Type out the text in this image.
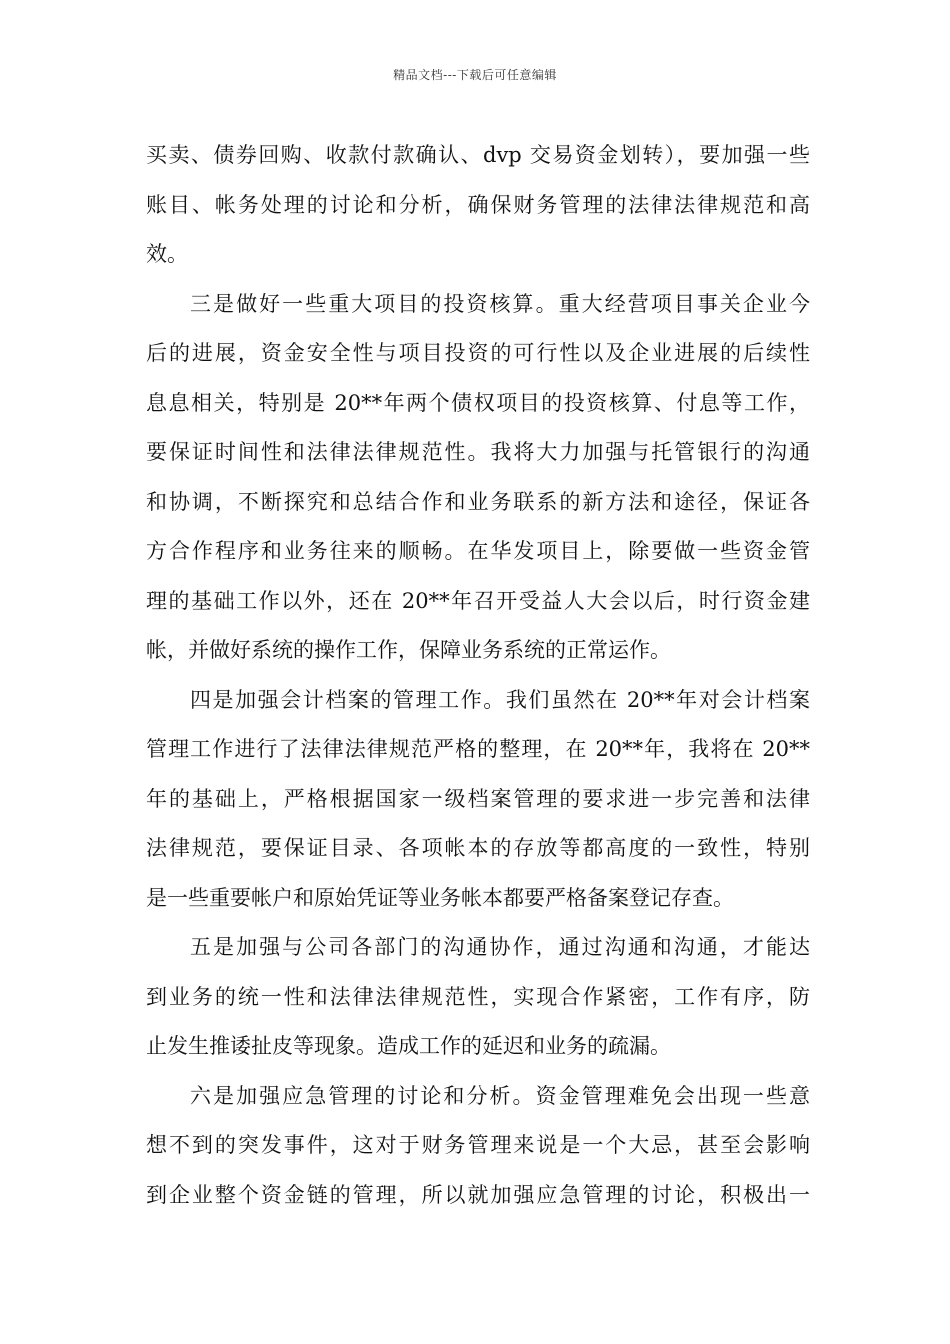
精品文档---下载后可任意编辑
买卖、债券回购、收款付款确认、dvp 交易资金划转），要加强一些
账目、帐务处理的讨论和分析，确保财务管理的法律法律规范和高
效。
三是做好一些重大项目的投资核算。重大经营项目事关企业今
后的进展，资金安全性与项目投资的可行性以及企业进展的后续性
息息相关，特别是 20**年两个债权项目的投资核算、付息等工作，
要保证时间性和法律法律规范性。我将大力加强与托管银行的沟通
和协调，不断探究和总结合作和业务联系的新方法和途径，保证各
方合作程序和业务往来的顺畅。在华发项目上，除要做一些资金管
理的基础工作以外，还在 20**年召开受益人大会以后，时行资金建
帐，并做好系统的操作工作，保障业务系统的正常运作。
四是加强会计档案的管理工作。我们虽然在 20**年对会计档案
管理工作进行了法律法律规范严格的整理，在 20**年，我将在 20**
年的基础上，严格根据国家一级档案管理的要求进一步完善和法律
法律规范，要保证目录、各项帐本的存放等都高度的一致性，特别
是一些重要帐户和原始凭证等业务帐本都要严格备案登记存查。
五是加强与公司各部门的沟通协作，通过沟通和沟通，才能达
到业务的统一性和法律法律规范性，实现合作紧密，工作有序，防
止发生推诿扯皮等现象。造成工作的延迟和业务的疏漏。
六是加强应急管理的讨论和分析。资金管理难免会出现一些意
想不到的突发事件，这对于财务管理来说是一个大忌，甚至会影响
到企业整个资金链的管理，所以就加强应急管理的讨论，积极出一
